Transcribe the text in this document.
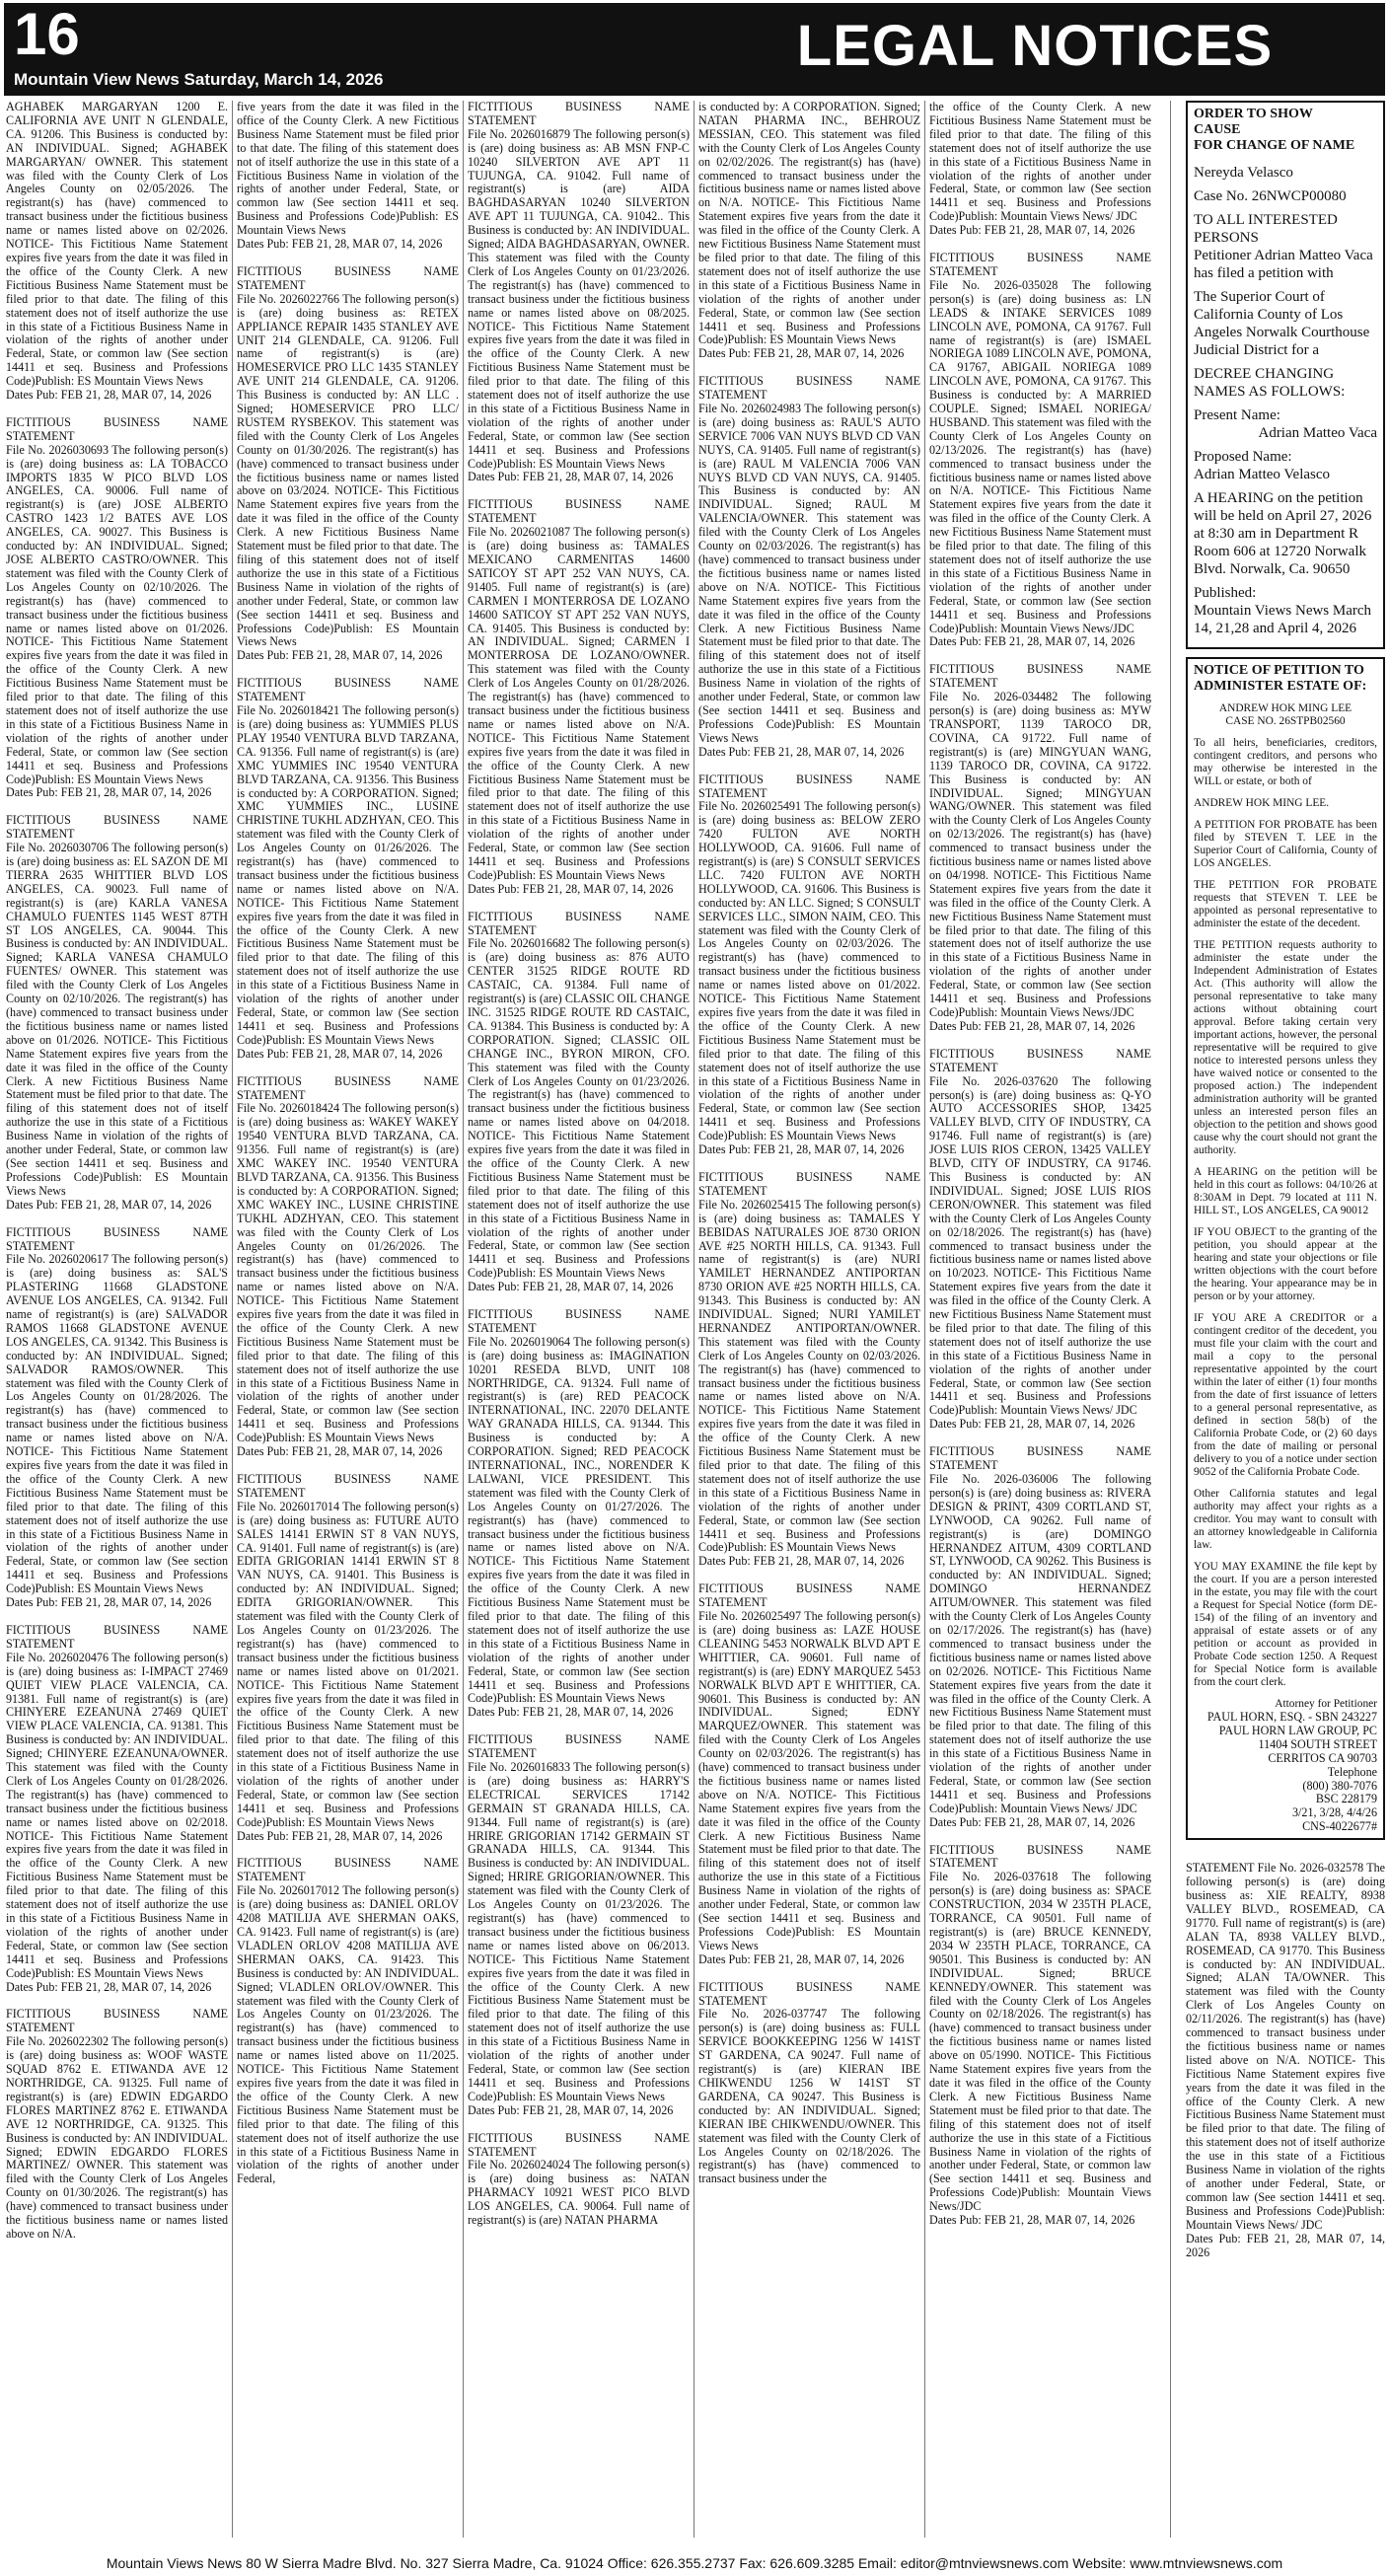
16
Mountain View News Saturday, March 14, 2026
LEGAL NOTICES

AGHABEK MARGARYAN 1200 E. CALIFORNIA AVE UNIT N GLENDALE, CA. 91206. This Business is conducted by: AN INDIVIDUAL. Signed; AGHABEK MARGARYAN/ OWNER. This statement was filed with the County Clerk of Los Angeles County on 02/05/2026. The registrant(s) has (have) commenced to transact business under the fictitious business name or names listed above on 02/2026. NOTICE- This Fictitious Name Statement expires five years from the date it was filed in the office of the County Clerk. A new Fictitious Business Name Statement must be filed prior to that date. The filing of this statement does not of itself authorize the use in this state of a Fictitious Business Name in violation of the rights of another under Federal, State, or common law (See section 14411 et seq. Business and Professions Code)Publish: ES Mountain Views News

Dates Pub: FEB 21, 28, MAR 07, 14, 2026

FICTITIOUS BUSINESS NAME STATEMENT

File No. 2026030693 The following person(s) is (are) doing business as: LA TOBACCO IMPORTS 1835 W PICO BLVD LOS ANGELES, CA. 90006. Full name of registrant(s) is (are) JOSE ALBERTO CASTRO 1423 1/2 BATES AVE LOS ANGELES, CA. 90027. This Business is conducted by: AN INDIVIDUAL. Signed; JOSE ALBERTO CASTRO/OWNER. This statement was filed with the County Clerk of Los Angeles County on 02/10/2026. The registrant(s) has (have) commenced to transact business under the fictitious business name or names listed above on 01/2026. NOTICE- This Fictitious Name Statement expires five years from the date it was filed in the office of the County Clerk. A new Fictitious Business Name Statement must be filed prior to that date. The filing of this statement does not of itself authorize the use in this state of a Fictitious Business Name in violation of the rights of another under Federal, State, or common law (See section 14411 et seq. Business and Professions Code)Publish: ES Mountain Views News

Dates Pub: FEB 21, 28, MAR 07, 14, 2026

FICTITIOUS BUSINESS NAME STATEMENT

File No. 2026030706 The following person(s) is (are) doing business as: EL SAZON DE MI TIERRA 2635 WHITTIER BLVD LOS ANGELES, CA. 90023. Full name of registrant(s) is (are) KARLA VANESA CHAMULO FUENTES 1145 WEST 87TH ST LOS ANGELES, CA. 90044. This Business is conducted by: AN INDIVIDUAL. Signed; KARLA VANESA CHAMULO FUENTES/ OWNER. This statement was filed with the County Clerk of Los Angeles County on 02/10/2026. The registrant(s) has (have) commenced to transact business under the fictitious business name or names listed above on 01/2026. NOTICE- This Fictitious Name Statement expires five years from the date it was filed in the office of the County Clerk. A new Fictitious Business Name Statement must be filed prior to that date. The filing of this statement does not of itself authorize the use in this state of a Fictitious Business Name in violation of the rights of another under Federal, State, or common law (See section 14411 et seq. Business and Professions Code)Publish: ES Mountain Views News

Dates Pub: FEB 21, 28, MAR 07, 14, 2026

FICTITIOUS BUSINESS NAME STATEMENT

File No. 2026020617 The following person(s) is (are) doing business as: SAL'S PLASTERING 11668 GLADSTONE AVENUE LOS ANGELES, CA. 91342. Full name of registrant(s) is (are) SALVADOR RAMOS 11668 GLADSTONE AVENUE LOS ANGELES, CA. 91342. This Business is conducted by: AN INDIVIDUAL. Signed; SALVADOR RAMOS/OWNER. This statement was filed with the County Clerk of Los Angeles County on 01/28/2026. The registrant(s) has (have) commenced to transact business under the fictitious business name or names listed above on N/A. NOTICE- This Fictitious Name Statement expires five years from the date it was filed in the office of the County Clerk. A new Fictitious Business Name Statement must be filed prior to that date. The filing of this statement does not of itself authorize the use in this state of a Fictitious Business Name in violation of the rights of another under Federal, State, or common law (See section 14411 et seq. Business and Professions Code)Publish: ES Mountain Views News

Dates Pub: FEB 21, 28, MAR 07, 14, 2026

FICTITIOUS BUSINESS NAME STATEMENT

File No. 2026020476 The following person(s) is (are) doing business as: I-IMPACT 27469 QUIET VIEW PLACE VALENCIA, CA. 91381. Full name of registrant(s) is (are) CHINYERE EZEANUNA 27469 QUIET VIEW PLACE VALENCIA, CA. 91381. This Business is conducted by: AN INDIVIDUAL. Signed; CHINYERE EZEANUNA/OWNER. This statement was filed with the County Clerk of Los Angeles County on 01/28/2026. The registrant(s) has (have) commenced to transact business under the fictitious business name or names listed above on 02/2018. NOTICE- This Fictitious Name Statement expires five years from the date it was filed in the office of the County Clerk. A new Fictitious Business Name Statement must be filed prior to that date. The filing of this statement does not of itself authorize the use in this state of a Fictitious Business Name in violation of the rights of another under Federal, State, or common law (See section 14411 et seq. Business and Professions Code)Publish: ES Mountain Views News

Dates Pub: FEB 21, 28, MAR 07, 14, 2026

FICTITIOUS BUSINESS NAME STATEMENT

File No. 2026022302 The following person(s) is (are) doing business as: WOOF WASTE SQUAD 8762 E. ETIWANDA AVE 12 NORTHRIDGE, CA. 91325. Full name of registrant(s) is (are) EDWIN EDGARDO FLORES MARTINEZ 8762 E. ETIWANDA AVE 12 NORTHRIDGE, CA. 91325. This Business is conducted by: AN INDIVIDUAL. Signed; EDWIN EDGARDO FLORES MARTINEZ/ OWNER. This statement was filed with the County Clerk of Los Angeles County on 01/30/2026. The registrant(s) has (have) commenced to transact business under the fictitious business name or names listed above on N/A.

five years from the date it was filed in the office of the County Clerk. A new Fictitious Business Name Statement must be filed prior to that date. The filing of this statement does not of itself authorize the use in this state of a Fictitious Business Name in violation of the rights of another under Federal, State, or common law (See section 14411 et seq. Business and Professions Code)Publish: ES Mountain Views News

Dates Pub: FEB 21, 28, MAR 07, 14, 2026

FICTITIOUS BUSINESS NAME STATEMENT

File No. 2026022766 The following person(s) is (are) doing business as: RETEX APPLIANCE REPAIR 1435 STANLEY AVE UNIT 214 GLENDALE, CA. 91206. Full name of registrant(s) is (are) HOMESERVICE PRO LLC 1435 STANLEY AVE UNIT 214 GLENDALE, CA. 91206. This Business is conducted by: AN LLC . Signed; HOMESERVICE PRO LLC/ RUSTEM RYSBEKOV. This statement was filed with the County Clerk of Los Angeles County on 01/30/2026. The registrant(s) has (have) commenced to transact business under the fictitious business name or names listed above on 03/2024. NOTICE- This Fictitious Name Statement expires five years from the date it was filed in the office of the County Clerk. A new Fictitious Business Name Statement must be filed prior to that date. The filing of this statement does not of itself authorize the use in this state of a Fictitious Business Name in violation of the rights of another under Federal, State, or common law (See section 14411 et seq. Business and Professions Code)Publish: ES Mountain Views News

Dates Pub: FEB 21, 28, MAR 07, 14, 2026

FICTITIOUS BUSINESS NAME STATEMENT

File No. 2026018421 The following person(s) is (are) doing business as: YUMMIES PLUS PLAY 19540 VENTURA BLVD TARZANA, CA. 91356. Full name of registrant(s) is (are) XMC YUMMIES INC 19540 VENTURA BLVD TARZANA, CA. 91356. This Business is conducted by: A CORPORATION. Signed; XMC YUMMIES INC., LUSINE CHRISTINE TUKHL ADZHYAN, CEO. This statement was filed with the County Clerk of Los Angeles County on 01/26/2026. The registrant(s) has (have) commenced to transact business under the fictitious business name or names listed above on N/A. NOTICE- This Fictitious Name Statement expires five years from the date it was filed in the office of the County Clerk. A new Fictitious Business Name Statement must be filed prior to that date. The filing of this statement does not of itself authorize the use in this state of a Fictitious Business Name in violation of the rights of another under Federal, State, or common law (See section 14411 et seq. Business and Professions Code)Publish: ES Mountain Views News

Dates Pub: FEB 21, 28, MAR 07, 14, 2026

FICTITIOUS BUSINESS NAME STATEMENT

File No. 2026018424 The following person(s) is (are) doing business as: WAKEY WAKEY 19540 VENTURA BLVD TARZANA, CA. 91356. Full name of registrant(s) is (are) XMC WAKEY INC. 19540 VENTURA BLVD TARZANA, CA. 91356. This Business is conducted by: A CORPORATION. Signed; XMC WAKEY INC., LUSINE CHRISTINE TUKHL ADZHYAN, CEO. This statement was filed with the County Clerk of Los Angeles County on 01/26/2026. The registrant(s) has (have) commenced to transact business under the fictitious business name or names listed above on N/A. NOTICE- This Fictitious Name Statement expires five years from the date it was filed in the office of the County Clerk. A new Fictitious Business Name Statement must be filed prior to that date. The filing of this statement does not of itself authorize the use in this state of a Fictitious Business Name in violation of the rights of another under Federal, State, or common law (See section 14411 et seq. Business and Professions Code)Publish: ES Mountain Views News

Dates Pub: FEB 21, 28, MAR 07, 14, 2026

FICTITIOUS BUSINESS NAME STATEMENT

File No. 2026017014 The following person(s) is (are) doing business as: FUTURE AUTO SALES 14141 ERWIN ST 8 VAN NUYS, CA. 91401. Full name of registrant(s) is (are) EDITA GRIGORIAN 14141 ERWIN ST 8 VAN NUYS, CA. 91401. This Business is conducted by: AN INDIVIDUAL. Signed; EDITA GRIGORIAN/OWNER. This statement was filed with the County Clerk of Los Angeles County on 01/23/2026. The registrant(s) has (have) commenced to transact business under the fictitious business name or names listed above on 01/2021. NOTICE- This Fictitious Name Statement expires five years from the date it was filed in the office of the County Clerk. A new Fictitious Business Name Statement must be filed prior to that date. The filing of this statement does not of itself authorize the use in this state of a Fictitious Business Name in violation of the rights of another under Federal, State, or common law (See section 14411 et seq. Business and Professions Code)Publish: ES Mountain Views News

Dates Pub: FEB 21, 28, MAR 07, 14, 2026

FICTITIOUS BUSINESS NAME STATEMENT

File No. 2026017012 The following person(s) is (are) doing business as: DANIEL ORLOV 4208 MATILIJA AVE SHERMAN OAKS, CA. 91423. Full name of registrant(s) is (are) VLADLEN ORLOV 4208 MATILIJA AVE SHERMAN OAKS, CA. 91423. This Business is conducted by: AN INDIVIDUAL. Signed; VLADLEN ORLOV/OWNER. This statement was filed with the County Clerk of Los Angeles County on 01/23/2026. The registrant(s) has (have) commenced to transact business under the fictitious business name or names listed above on 11/2025. NOTICE- This Fictitious Name Statement expires five years from the date it was filed in the office of the County Clerk. A new Fictitious Business Name Statement must be filed prior to that date. The filing of this statement does not of itself authorize the use in this state of a Fictitious Business Name in violation of the rights of another under Federal,

FICTITIOUS BUSINESS NAME STATEMENT

File No. 2026016879 The following person(s) is (are) doing business as: AB MSN FNP-C 10240 SILVERTON AVE APT 11 TUJUNGA, CA. 91042. Full name of registrant(s) is (are) AIDA BAGHDASARYAN 10240 SILVERTON AVE APT 11 TUJUNGA, CA. 91042.. This Business is conducted by: AN INDIVIDUAL. Signed; AIDA BAGHDASARYAN, OWNER. This statement was filed with the County Clerk of Los Angeles County on 01/23/2026. The registrant(s) has (have) commenced to transact business under the fictitious business name or names listed above on 08/2025. NOTICE- This Fictitious Name Statement expires five years from the date it was filed in the office of the County Clerk. A new Fictitious Business Name Statement must be filed prior to that date. The filing of this statement does not of itself authorize the use in this state of a Fictitious Business Name in violation of the rights of another under Federal, State, or common law (See section 14411 et seq. Business and Professions Code)Publish: ES Mountain Views News

Dates Pub: FEB 21, 28, MAR 07, 14, 2026

FICTITIOUS BUSINESS NAME STATEMENT

File No. 2026021087 The following person(s) is (are) doing business as: TAMALES MEXICANO CARMENITAS 14600 SATICOY ST APT 252 VAN NUYS, CA. 91405. Full name of registrant(s) is (are) CARMEN I MONTERROSA DE LOZANO 14600 SATICOY ST APT 252 VAN NUYS, CA. 91405. This Business is conducted by: AN INDIVIDUAL. Signed; CARMEN I MONTERROSA DE LOZANO/OWNER. This statement was filed with the County Clerk of Los Angeles County on 01/28/2026. The registrant(s) has (have) commenced to transact business under the fictitious business name or names listed above on N/A. NOTICE- This Fictitious Name Statement expires five years from the date it was filed in the office of the County Clerk. A new Fictitious Business Name Statement must be filed prior to that date. The filing of this statement does not of itself authorize the use in this state of a Fictitious Business Name in violation of the rights of another under Federal, State, or common law (See section 14411 et seq. Business and Professions Code)Publish: ES Mountain Views News

Dates Pub: FEB 21, 28, MAR 07, 14, 2026

FICTITIOUS BUSINESS NAME STATEMENT

File No. 2026016682 The following person(s) is (are) doing business as: 876 AUTO CENTER 31525 RIDGE ROUTE RD CASTAIC, CA. 91384. Full name of registrant(s) is (are) CLASSIC OIL CHANGE INC. 31525 RIDGE ROUTE RD CASTAIC, CA. 91384. This Business is conducted by: A CORPORATION. Signed; CLASSIC OIL CHANGE INC., BYRON MIRON, CFO. This statement was filed with the County Clerk of Los Angeles County on 01/23/2026. The registrant(s) has (have) commenced to transact business under the fictitious business name or names listed above on 04/2018. NOTICE- This Fictitious Name Statement expires five years from the date it was filed in the office of the County Clerk. A new Fictitious Business Name Statement must be filed prior to that date. The filing of this statement does not of itself authorize the use in this state of a Fictitious Business Name in violation of the rights of another under Federal, State, or common law (See section 14411 et seq. Business and Professions Code)Publish: ES Mountain Views News

Dates Pub: FEB 21, 28, MAR 07, 14, 2026

FICTITIOUS BUSINESS NAME STATEMENT

File No. 2026019064 The following person(s) is (are) doing business as: IMAGINATION 10201 RESEDA BLVD, UNIT 108 NORTHRIDGE, CA. 91324. Full name of registrant(s) is (are) RED PEACOCK INTERNATIONAL, INC. 22070 DELANTE WAY GRANADA HILLS, CA. 91344. This Business is conducted by: A CORPORATION. Signed; RED PEACOCK INTERNATIONAL, INC., NORENDER K LALWANI, VICE PRESIDENT. This statement was filed with the County Clerk of Los Angeles County on 01/27/2026. The registrant(s) has (have) commenced to transact business under the fictitious business name or names listed above on N/A. NOTICE- This Fictitious Name Statement expires five years from the date it was filed in the office of the County Clerk. A new Fictitious Business Name Statement must be filed prior to that date. The filing of this statement does not of itself authorize the use in this state of a Fictitious Business Name in violation of the rights of another under Federal, State, or common law (See section 14411 et seq. Business and Professions Code)Publish: ES Mountain Views News

Dates Pub: FEB 21, 28, MAR 07, 14, 2026

FICTITIOUS BUSINESS NAME STATEMENT

File No. 2026016833 The following person(s) is (are) doing business as: HARRY'S ELECTRICAL SERVICES 17142 GERMAIN ST GRANADA HILLS, CA. 91344. Full name of registrant(s) is (are) HRIRE GRIGORIAN 17142 GERMAIN ST GRANADA HILLS, CA. 91344. This Business is conducted by: AN INDIVIDUAL. Signed; HRIRE GRIGORIAN/OWNER. This statement was filed with the County Clerk of Los Angeles County on 01/23/2026. The registrant(s) has (have) commenced to transact business under the fictitious business name or names listed above on 06/2013. NOTICE- This Fictitious Name Statement expires five years from the date it was filed in the office of the County Clerk. A new Fictitious Business Name Statement must be filed prior to that date. The filing of this statement does not of itself authorize the use in this state of a Fictitious Business Name in violation of the rights of another under Federal, State, or common law (See section 14411 et seq. Business and Professions Code)Publish: ES Mountain Views News

Dates Pub: FEB 21, 28, MAR 07, 14, 2026

FICTITIOUS BUSINESS NAME STATEMENT

File No. 2026024024 The following person(s) is (are) doing business as: NATAN PHARMACY 10921 WEST PICO BLVD LOS ANGELES, CA. 90064. Full name of registrant(s) is (are) NATAN PHARMA

is conducted by: A CORPORATION. Signed; NATAN PHARMA INC., BEHROUZ MESSIAN, CEO. This statement was filed with the County Clerk of Los Angeles County on 02/02/2026. The registrant(s) has (have) commenced to transact business under the fictitious business name or names listed above on N/A. NOTICE- This Fictitious Name Statement expires five years from the date it was filed in the office of the County Clerk. A new Fictitious Business Name Statement must be filed prior to that date. The filing of this statement does not of itself authorize the use in this state of a Fictitious Business Name in violation of the rights of another under Federal, State, or common law (See section 14411 et seq. Business and Professions Code)Publish: ES Mountain Views News

Dates Pub: FEB 21, 28, MAR 07, 14, 2026

FICTITIOUS BUSINESS NAME STATEMENT

File No. 2026024983 The following person(s) is (are) doing business as: RAUL'S AUTO SERVICE 7006 VAN NUYS BLVD CD VAN NUYS, CA. 91405. Full name of registrant(s) is (are) RAUL M VALENCIA 7006 VAN NUYS BLVD CD VAN NUYS, CA. 91405. This Business is conducted by: AN INDIVIDUAL. Signed; RAUL M VALENCIA/OWNER. This statement was filed with the County Clerk of Los Angeles County on 02/03/2026. The registrant(s) has (have) commenced to transact business under the fictitious business name or names listed above on N/A. NOTICE- This Fictitious Name Statement expires five years from the date it was filed in the office of the County Clerk. A new Fictitious Business Name Statement must be filed prior to that date. The filing of this statement does not of itself authorize the use in this state of a Fictitious Business Name in violation of the rights of another under Federal, State, or common law (See section 14411 et seq. Business and Professions Code)Publish: ES Mountain Views News

Dates Pub: FEB 21, 28, MAR 07, 14, 2026

FICTITIOUS BUSINESS NAME STATEMENT

File No. 2026025491 The following person(s) is (are) doing business as: BELOW ZERO 7420 FULTON AVE NORTH HOLLYWOOD, CA. 91606. Full name of registrant(s) is (are) S CONSULT SERVICES LLC. 7420 FULTON AVE NORTH HOLLYWOOD, CA. 91606. This Business is conducted by: AN LLC. Signed; S CONSULT SERVICES LLC., SIMON NAIM, CEO. This statement was filed with the County Clerk of Los Angeles County on 02/03/2026. The registrant(s) has (have) commenced to transact business under the fictitious business name or names listed above on 01/2022. NOTICE- This Fictitious Name Statement expires five years from the date it was filed in the office of the County Clerk. A new Fictitious Business Name Statement must be filed prior to that date. The filing of this statement does not of itself authorize the use in this state of a Fictitious Business Name in violation of the rights of another under Federal, State, or common law (See section 14411 et seq. Business and Professions Code)Publish: ES Mountain Views News

Dates Pub: FEB 21, 28, MAR 07, 14, 2026

FICTITIOUS BUSINESS NAME STATEMENT

File No. 2026025415 The following person(s) is (are) doing business as: TAMALES Y BEBIDAS NATURALES JOE 8730 ORION AVE #25 NORTH HILLS, CA. 91343. Full name of registrant(s) is (are) NURI YAMILET HERNANDEZ ANTIPORTAN 8730 ORION AVE #25 NORTH HILLS, CA. 91343. This Business is conducted by: AN INDIVIDUAL. Signed; NURI YAMILET HERNANDEZ ANTIPORTAN/OWNER. This statement was filed with the County Clerk of Los Angeles County on 02/03/2026. The registrant(s) has (have) commenced to transact business under the fictitious business name or names listed above on N/A. NOTICE- This Fictitious Name Statement expires five years from the date it was filed in the office of the County Clerk. A new Fictitious Business Name Statement must be filed prior to that date. The filing of this statement does not of itself authorize the use in this state of a Fictitious Business Name in violation of the rights of another under Federal, State, or common law (See section 14411 et seq. Business and Professions Code)Publish: ES Mountain Views News

Dates Pub: FEB 21, 28, MAR 07, 14, 2026

FICTITIOUS BUSINESS NAME STATEMENT

File No. 2026025497 The following person(s) is (are) doing business as: LAZE HOUSE CLEANING 5453 NORWALK BLVD APT E WHITTIER, CA. 90601. Full name of registrant(s) is (are) EDNY MARQUEZ 5453 NORWALK BLVD APT E WHITTIER, CA. 90601. This Business is conducted by: AN INDIVIDUAL. Signed; EDNY MARQUEZ/OWNER. This statement was filed with the County Clerk of Los Angeles County on 02/03/2026. The registrant(s) has (have) commenced to transact business under the fictitious business name or names listed above on N/A. NOTICE- This Fictitious Name Statement expires five years from the date it was filed in the office of the County Clerk. A new Fictitious Business Name Statement must be filed prior to that date. The filing of this statement does not of itself authorize the use in this state of a Fictitious Business Name in violation of the rights of another under Federal, State, or common law (See section 14411 et seq. Business and Professions Code)Publish: ES Mountain Views News

Dates Pub: FEB 21, 28, MAR 07, 14, 2026

FICTITIOUS BUSINESS NAME STATEMENT

File No. 2026-037747 The following person(s) is (are) doing business as: FULL SERVICE BOOKKEEPING 1256 W 141ST ST GARDENA, CA 90247. Full name of registrant(s) is (are) KIERAN IBE CHIKWENDU 1256 W 141ST ST GARDENA, CA 90247. This Business is conducted by: AN INDIVIDUAL. Signed; KIERAN IBE CHIKWENDU/OWNER. This statement was filed with the County Clerk of Los Angeles County on 02/18/2026. The registrant(s) has (have) commenced to transact business under the

the office of the County Clerk. A new Fictitious Business Name Statement must be filed prior to that date. The filing of this statement does not of itself authorize the use in this state of a Fictitious Business Name in violation of the rights of another under Federal, State, or common law (See section 14411 et seq. Business and Professions Code)Publish: Mountain Views News/ JDC

Dates Pub: FEB 21, 28, MAR 07, 14, 2026

FICTITIOUS BUSINESS NAME STATEMENT

File No. 2026-035028 The following person(s) is (are) doing business as: LN LEADS & INTAKE SERVICES 1089 LINCOLN AVE, POMONA, CA 91767. Full name of registrant(s) is (are) ISMAEL NORIEGA 1089 LINCOLN AVE, POMONA, CA 91767, ABIGAIL NORIEGA 1089 LINCOLN AVE, POMONA, CA 91767. This Business is conducted by: A MARRIED COUPLE. Signed; ISMAEL NORIEGA/ HUSBAND. This statement was filed with the County Clerk of Los Angeles County on 02/13/2026. The registrant(s) has (have) commenced to transact business under the fictitious business name or names listed above on N/A. NOTICE- This Fictitious Name Statement expires five years from the date it was filed in the office of the County Clerk. A new Fictitious Business Name Statement must be filed prior to that date. The filing of this statement does not of itself authorize the use in this state of a Fictitious Business Name in violation of the rights of another under Federal, State, or common law (See section 14411 et seq. Business and Professions Code)Publish: Mountain Views News/JDC

Dates Pub: FEB 21, 28, MAR 07, 14, 2026

FICTITIOUS BUSINESS NAME STATEMENT

File No. 2026-034482 The following person(s) is (are) doing business as: MYW TRANSPORT, 1139 TAROCO DR, COVINA, CA 91722. Full name of registrant(s) is (are) MINGYUAN WANG, 1139 TAROCO DR, COVINA, CA 91722. This Business is conducted by: AN INDIVIDUAL. Signed; MINGYUAN WANG/OWNER. This statement was filed with the County Clerk of Los Angeles County on 02/13/2026. The registrant(s) has (have) commenced to transact business under the fictitious business name or names listed above on 04/1998. NOTICE- This Fictitious Name Statement expires five years from the date it was filed in the office of the County Clerk. A new Fictitious Business Name Statement must be filed prior to that date. The filing of this statement does not of itself authorize the use in this state of a Fictitious Business Name in violation of the rights of another under Federal, State, or common law (See section 14411 et seq. Business and Professions Code)Publish: Mountain Views News/JDC

Dates Pub: FEB 21, 28, MAR 07, 14, 2026

FICTITIOUS BUSINESS NAME STATEMENT

File No. 2026-037620 The following person(s) is (are) doing business as: Q-YO AUTO ACCESSORIES SHOP, 13425 VALLEY BLVD, CITY OF INDUSTRY, CA 91746. Full name of registrant(s) is (are) JOSE LUIS RIOS CERON, 13425 VALLEY BLVD, CITY OF INDUSTRY, CA 91746. This Business is conducted by: AN INDIVIDUAL. Signed; JOSE LUIS RIOS CERON/OWNER. This statement was filed with the County Clerk of Los Angeles County on 02/18/2026. The registrant(s) has (have) commenced to transact business under the fictitious business name or names listed above on 10/2023. NOTICE- This Fictitious Name Statement expires five years from the date it was filed in the office of the County Clerk. A new Fictitious Business Name Statement must be filed prior to that date. The filing of this statement does not of itself authorize the use in this state of a Fictitious Business Name in violation of the rights of another under Federal, State, or common law (See section 14411 et seq. Business and Professions Code)Publish: Mountain Views News/ JDC

Dates Pub: FEB 21, 28, MAR 07, 14, 2026

FICTITIOUS BUSINESS NAME STATEMENT

File No. 2026-036006 The following person(s) is (are) doing business as: RIVERA DESIGN & PRINT, 4309 CORTLAND ST, LYNWOOD, CA 90262. Full name of registrant(s) is (are) DOMINGO HERNANDEZ AITUM, 4309 CORTLAND ST, LYNWOOD, CA 90262. This Business is conducted by: AN INDIVIDUAL. Signed; DOMINGO HERNANDEZ AITUM/OWNER. This statement was filed with the County Clerk of Los Angeles County on 02/17/2026. The registrant(s) has (have) commenced to transact business under the fictitious business name or names listed above on 02/2026. NOTICE- This Fictitious Name Statement expires five years from the date it was filed in the office of the County Clerk. A new Fictitious Business Name Statement must be filed prior to that date. The filing of this statement does not of itself authorize the use in this state of a Fictitious Business Name in violation of the rights of another under Federal, State, or common law (See section 14411 et seq. Business and Professions Code)Publish: Mountain Views News/ JDC

Dates Pub: FEB 21, 28, MAR 07, 14, 2026

FICTITIOUS BUSINESS NAME STATEMENT

File No. 2026-037618 The following person(s) is (are) doing business as: SPACE CONSTRUCTION, 2034 W 235TH PLACE, TORRANCE, CA 90501. Full name of registrant(s) is (are) BRUCE KENNEDY, 2034 W 235TH PLACE, TORRANCE, CA 90501. This Business is conducted by: AN INDIVIDUAL. Signed; BRUCE KENNEDY/OWNER. This statement was filed with the County Clerk of Los Angeles County on 02/18/2026. The registrant(s) has (have) commenced to transact business under the fictitious business name or names listed above on 05/1990. NOTICE- This Fictitious Name Statement expires five years from the date it was filed in the office of the County Clerk. A new Fictitious Business Name Statement must be filed prior to that date. The filing of this statement does not of itself authorize the use in this state of a Fictitious Business Name in violation of the rights of another under Federal, State, or common law (See section 14411 et seq. Business and Professions Code)Publish: Mountain Views News/JDC

Dates Pub: FEB 21, 28, MAR 07, 14, 2026

ORDER TO SHOW
CAUSE
FOR CHANGE OF NAME

Nereyda Velasco

Case No. 26NWCP00080

TO ALL INTERESTED PERSONS

Petitioner Adrian Matteo Vaca

has filed a petition with

The Superior Court of California County of Los Angeles Norwalk Courthouse Judicial District for a

DECREE CHANGING NAMES AS FOLLOWS:

Present Name:

Adrian Matteo Vaca

Proposed Name:

Adrian Matteo Velasco

A HEARING on the petition will be held on April 27, 2026 at 8:30 am in Department R Room 606 at 12720 Norwalk Blvd. Norwalk, Ca. 90650

Published:

Mountain Views News March 14, 21,28 and April 4, 2026

NOTICE OF PETITION TO ADMINISTER ESTATE OF:

ANDREW HOK MING LEE

CASE NO. 26STPB02560

To all heirs, beneficiaries, creditors, contingent creditors, and persons who may otherwise be interested in the WILL or estate, or both of

ANDREW HOK MING LEE.

A PETITION FOR PROBATE has been filed by STEVEN T. LEE in the Superior Court of California, County of LOS ANGELES.

THE PETITION FOR PROBATE requests that STEVEN T. LEE be appointed as personal representative to administer the estate of the decedent.

THE PETITION requests authority to administer the estate under the Independent Administration of Estates Act. (This authority will allow the personal representative to take many actions without obtaining court approval. Before taking certain very important actions, however, the personal representative will be required to give notice to interested persons unless they have waived notice or consented to the proposed action.) The independent administration authority will be granted unless an interested person files an objection to the petition and shows good cause why the court should not grant the authority.

A HEARING on the petition will be held in this court as follows: 04/10/26 at 8:30AM in Dept. 79 located at 111 N. HILL ST., LOS ANGELES, CA 90012

IF YOU OBJECT to the granting of the petition, you should appear at the hearing and state your objections or file written objections with the court before the hearing. Your appearance may be in person or by your attorney.

IF YOU ARE A CREDITOR or a contingent creditor of the decedent, you must file your claim with the court and mail a copy to the personal representative appointed by the court within the later of either (1) four months from the date of first issuance of letters to a general personal representative, as defined in section 58(b) of the California Probate Code, or (2) 60 days from the date of mailing or personal delivery to you of a notice under section 9052 of the California Probate Code.

Other California statutes and legal authority may affect your rights as a creditor. You may want to consult with an attorney knowledgeable in California law.

YOU MAY EXAMINE the file kept by the court. If you are a person interested in the estate, you may file with the court a Request for Special Notice (form DE-154) of the filing of an inventory and appraisal of estate assets or of any petition or account as provided in Probate Code section 1250. A Request for Special Notice form is available from the court clerk.

Attorney for Petitioner

PAUL HORN, ESQ. - SBN 243227
PAUL HORN LAW GROUP, PC
11404 SOUTH STREET
CERRITOS CA 90703
Telephone
(800) 380-7076
BSC 228179
3/21, 3/28, 4/4/26
CNS-4022677#

STATEMENT File No. 2026-032578 The following person(s) is (are) doing business as: XIE REALTY, 8938 VALLEY BLVD., ROSEMEAD, CA 91770. Full name of registrant(s) is (are) ALAN TA, 8938 VALLEY BLVD., ROSEMEAD, CA 91770. This Business is conducted by: AN INDIVIDUAL. Signed; ALAN TA/OWNER. This statement was filed with the County Clerk of Los Angeles County on 02/11/2026. The registrant(s) has (have) commenced to transact business under the fictitious business name or names listed above on N/A. NOTICE- This Fictitious Name Statement expires five years from the date it was filed in the office of the County Clerk. A new Fictitious Business Name Statement must be filed prior to that date. The filing of this statement does not of itself authorize the use in this state of a Fictitious Business Name in violation of the rights of another under Federal, State, or common law (See section 14411 et seq. Business and Professions Code)Publish: Mountain Views News/ JDC

Dates Pub: FEB 21, 28, MAR 07, 14, 2026

Mountain Views News 80 W Sierra Madre Blvd. No. 327 Sierra Madre, Ca. 91024 Office: 626.355.2737 Fax: 626.609.3285 Email: editor@mtnviewsnews.com Website: www.mtnviewsnews.com
